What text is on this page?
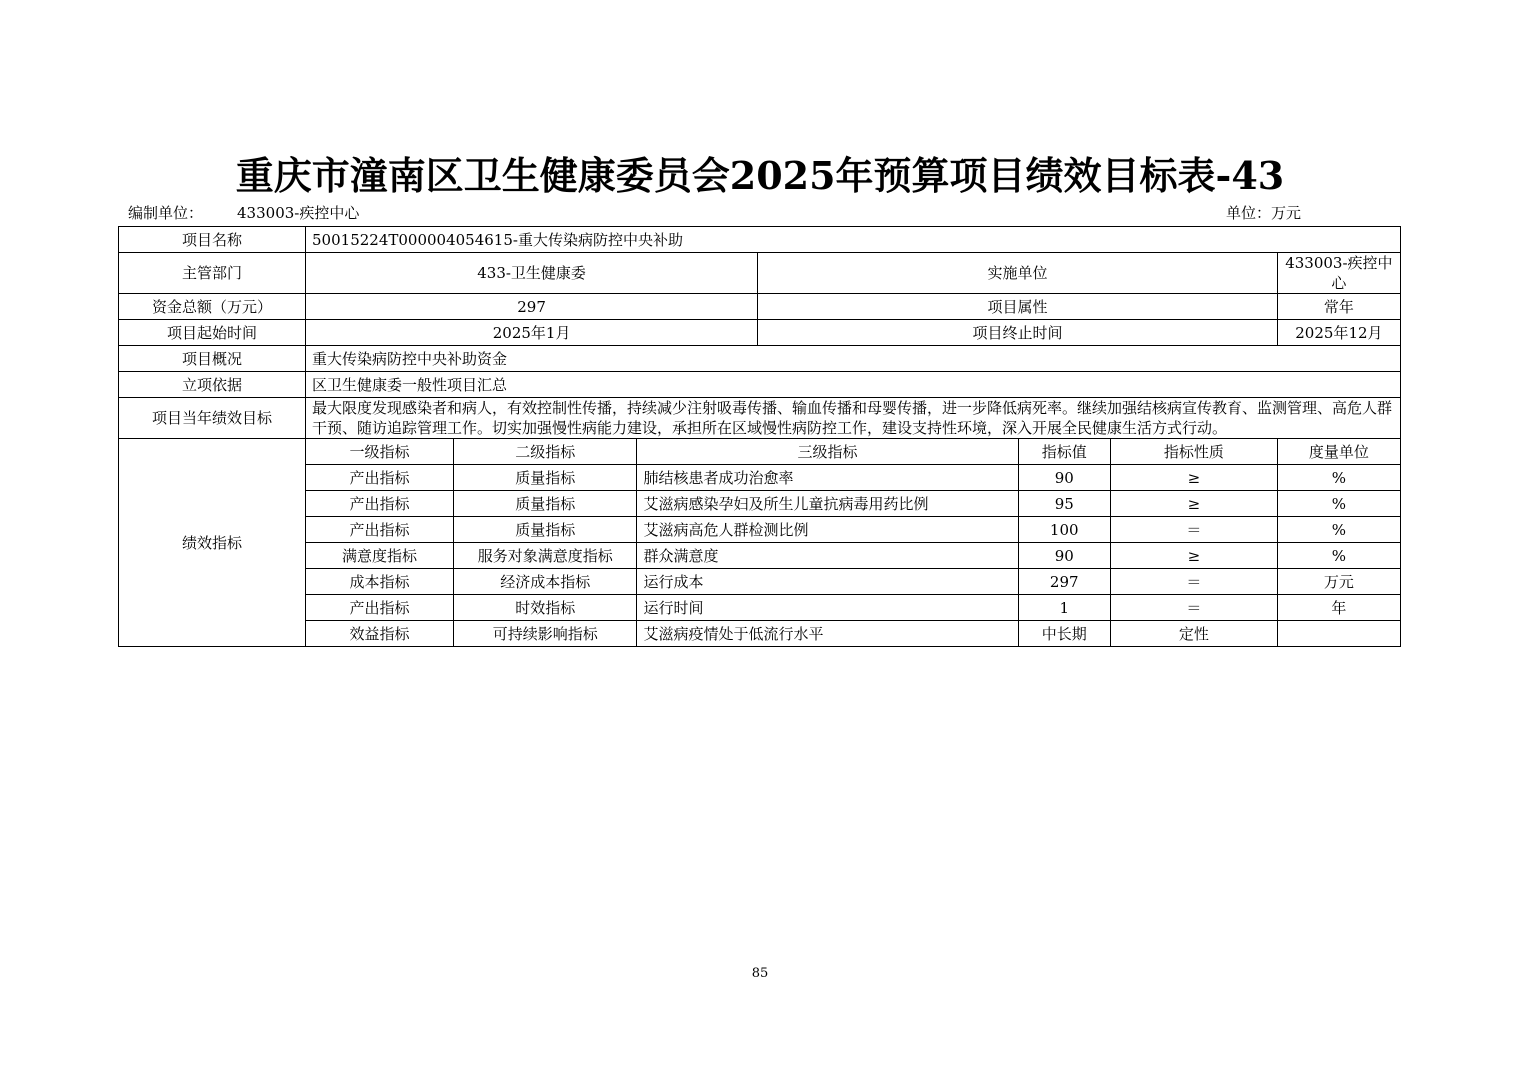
重庆市潼南区卫生健康委员会2025年预算项目绩效目标表-43
编制单位： 433003-疾控中心	单位：万元
项目名称	50015224T000004054615-重大传染病防控中央补助						
主管部门	433-卫生健康委			实施单位			433003-疾控中心
资金总额（万元）	297			项目属性			常年
项目起始时间	2025年1月			项目终止时间			2025年12月
项目概况	重大传染病防控中央补助资金						
立项依据	区卫生健康委一般性项目汇总						
项目当年绩效目标	最大限度发现感染者和病人，有效控制性传播，持续减少注射吸毒传播、输血传播和母婴传播，进一步降低病死率。继续加强结核病宣传教育、监测管理、高危人群干预、随访追踪管理工作。切实加强慢性病能力建设，承担所在区域慢性病防控工作，建设支持性环境，深入开展全民健康生活方式行动。						
绩效指标	一级指标	二级指标	三级指标		指标值	指标性质	度量单位
	产出指标	质量指标	肺结核患者成功治愈率		90	≥	%
	产出指标	质量指标	艾滋病感染孕妇及所生儿童抗病毒用药比例		95	≥	%
	产出指标	质量指标	艾滋病高危人群检测比例		100	＝	%
	满意度指标	服务对象满意度指标	群众满意度		90	≥	%
	成本指标	经济成本指标	运行成本		297	＝	万元
	产出指标	时效指标	运行时间		1	＝	年
	效益指标	可持续影响指标	艾滋病疫情处于低流行水平		中长期	定性	
85
